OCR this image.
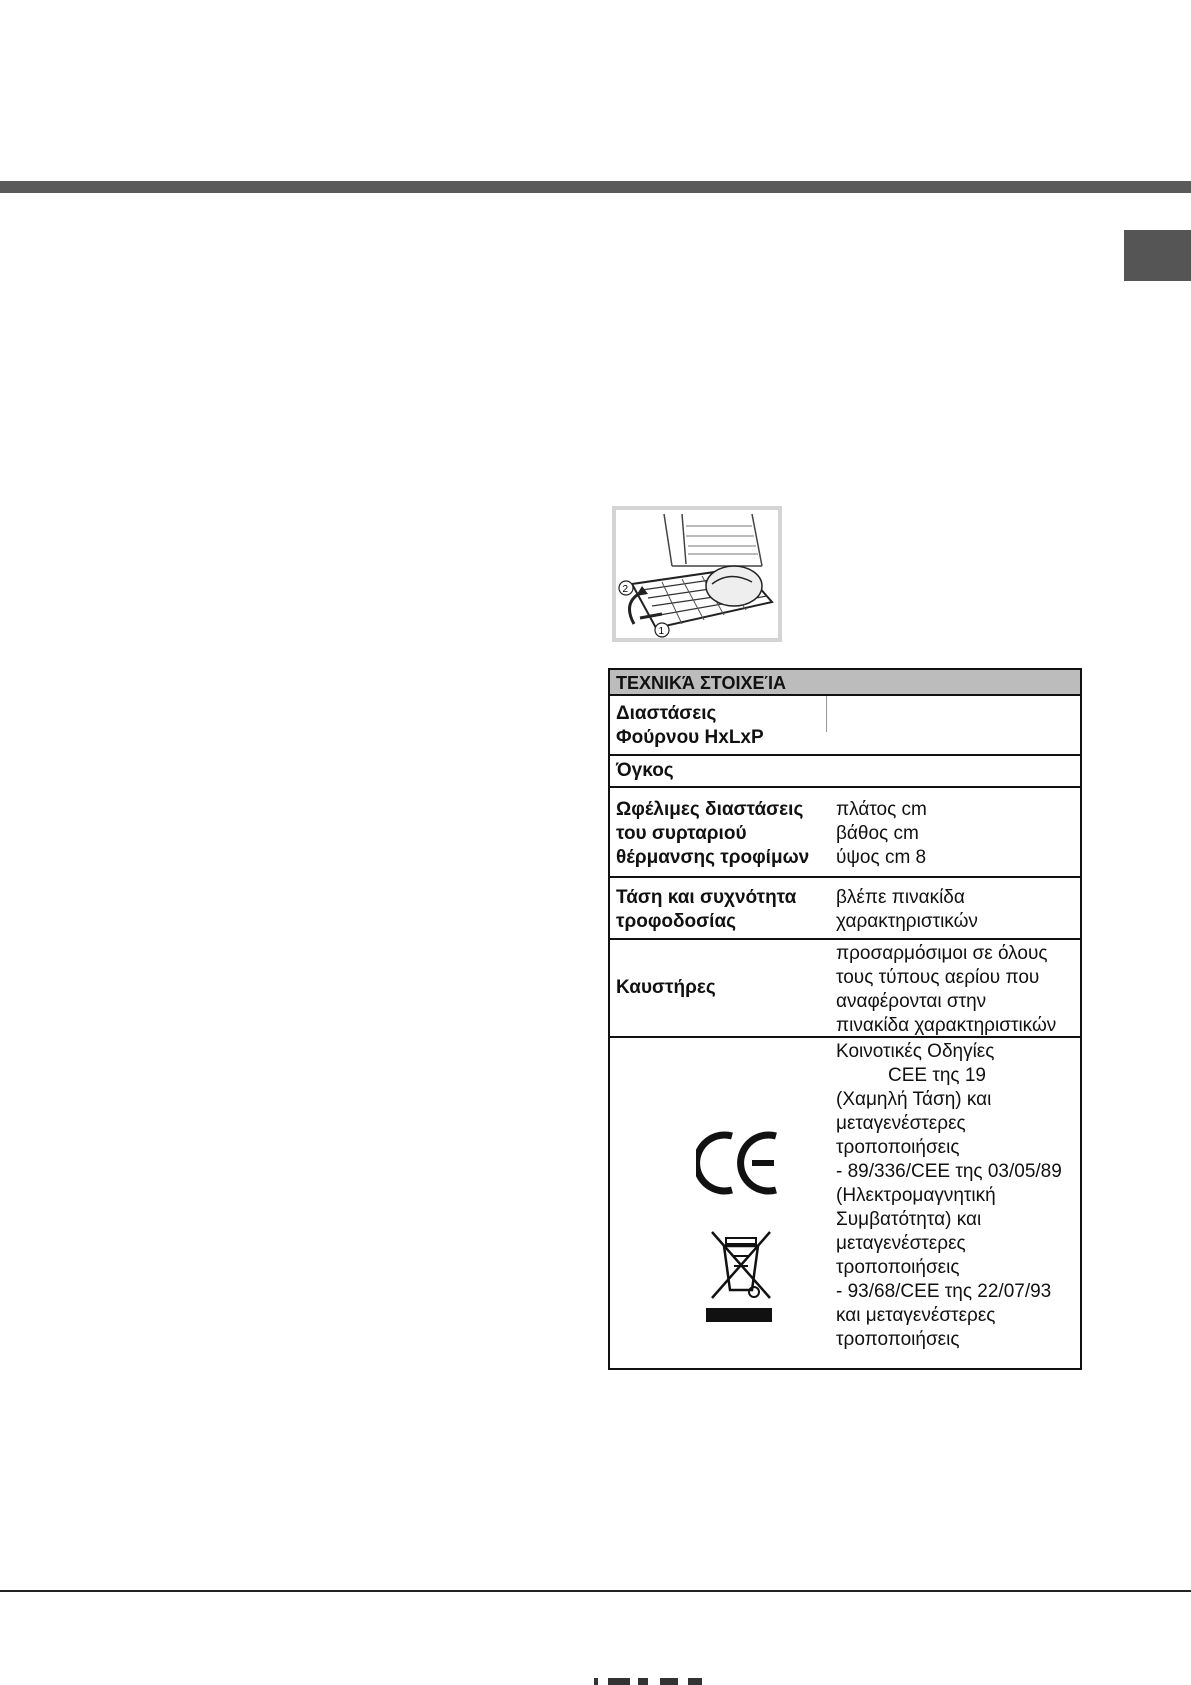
2
1
ΤΕΧΝΙΚΆ ΣΤΟΙΧΕΊΑ
Διαστάσεις
Φούρνου HxLxP
Όγκος
Ωφέλιμες διαστάσεις
του συρταριού
θέρμανσης τροφίμων
πλάτος cm
βάθος cm
ύψος cm 8
Τάση και συχνότητα
τροφοδοσίας
βλέπε πινακίδα
χαρακτηριστικών
Καυστήρες
προσαρμόσιμοι σε όλους
τους τύπους αερίου που
αναφέρονται στην
πινακίδα χαρακτηριστικών
Κοινοτικές Οδηγίες
CEE της 19
(Χαμηλή Τάση) και
μεταγενέστερες
τροποποιήσεις
- 89/336/CEE της 03/05/89
(Ηλεκτρομαγνητική
Συμβατότητα) και
μεταγενέστερες
τροποποιήσεις
- 93/68/CEE της 22/07/93
και μεταγενέστερες
τροποποιήσεις
